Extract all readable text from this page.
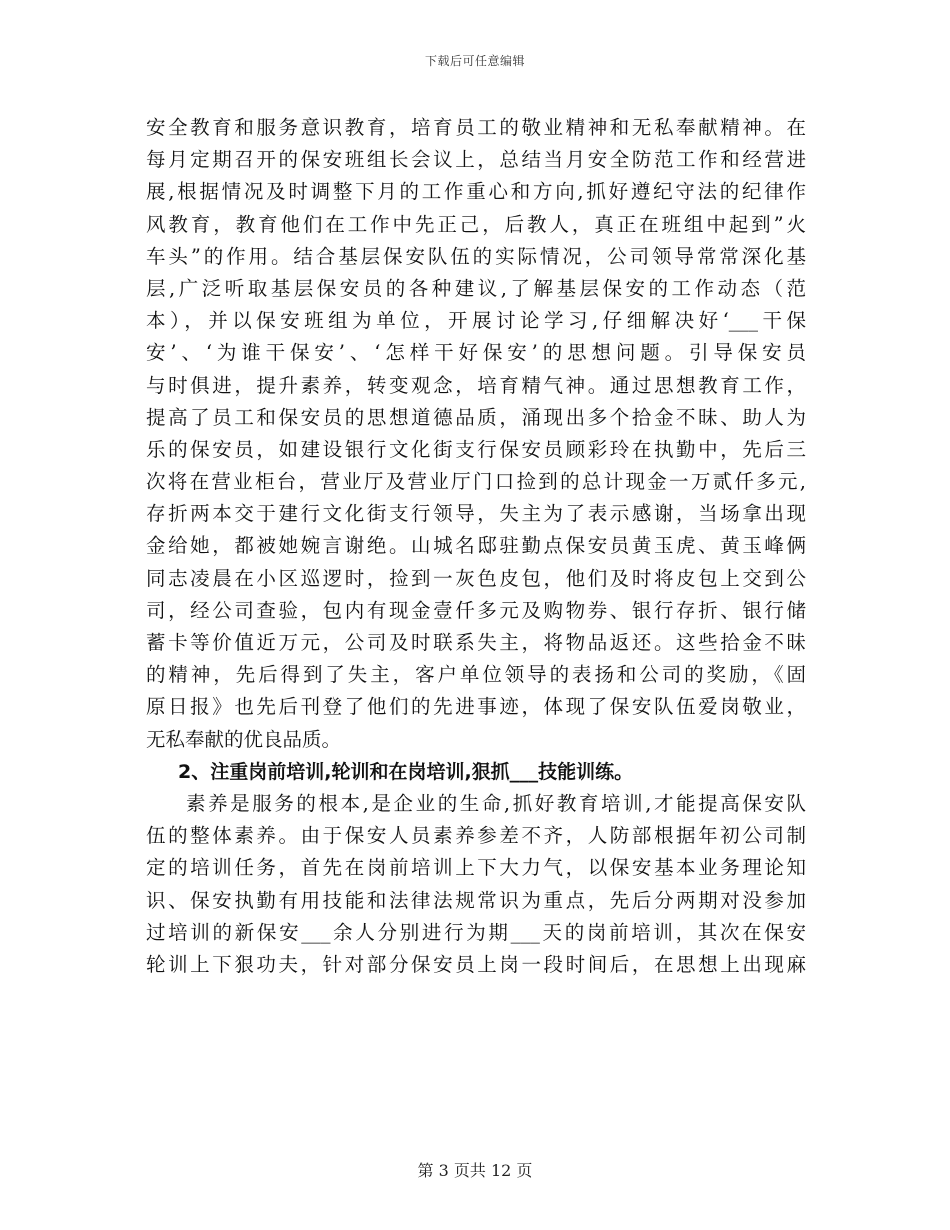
下载后可任意编辑
安全教育和服务意识教育，培育员工的敬业精神和无私奉献精神。在
每月定期召开的保安班组长会议上，总结当月安全防范工作和经营进
展,根据情况及时调整下月的工作重心和方向,抓好遵纪守法的纪律作
风教育，教育他们在工作中先正己，后教人，真正在班组中起到”火
车头”的作用。结合基层保安队伍的实际情况，公司领导常常深化基
层,广泛听取基层保安员的各种建议,了解基层保安的工作动态（范
本），并以保安班组为单位，开展讨论学习,仔细解决好‘___干保
安’、‘为谁干保安’、‘怎样干好保安’的思想问题。引导保安员
与时俱进，提升素养，转变观念，培育精气神。通过思想教育工作，
提高了员工和保安员的思想道德品质，涌现出多个拾金不昧、助人为
乐的保安员，如建设银行文化街支行保安员顾彩玲在执勤中，先后三
次将在营业柜台，营业厅及营业厅门口捡到的总计现金一万贰仟多元,
存折两本交于建行文化街支行领导，失主为了表示感谢，当场拿出现
金给她，都被她婉言谢绝。山城名邸驻勤点保安员黄玉虎、黄玉峰俩
同志凌晨在小区巡逻时，捡到一灰色皮包，他们及时将皮包上交到公
司，经公司查验，包内有现金壹仟多元及购物券、银行存折、银行储
蓄卡等价值近万元，公司及时联系失主，将物品返还。这些拾金不昧
的精神，先后得到了失主，客户单位领导的表扬和公司的奖励，《固
原日报》也先后刊登了他们的先进事迹，体现了保安队伍爱岗敬业，
无私奉献的优良品质。
2、注重岗前培训,轮训和在岗培训,狠抓___技能训练。
素养是服务的根本,是企业的生命,抓好教育培训,才能提高保安队
伍的整体素养。由于保安人员素养参差不齐，人防部根据年初公司制
定的培训任务，首先在岗前培训上下大力气，以保安基本业务理论知
识、保安执勤有用技能和法律法规常识为重点，先后分两期对没参加
过培训的新保安___余人分别进行为期___天的岗前培训，其次在保安
轮训上下狠功夫，针对部分保安员上岗一段时间后，在思想上出现麻
第 3 页共 12 页
